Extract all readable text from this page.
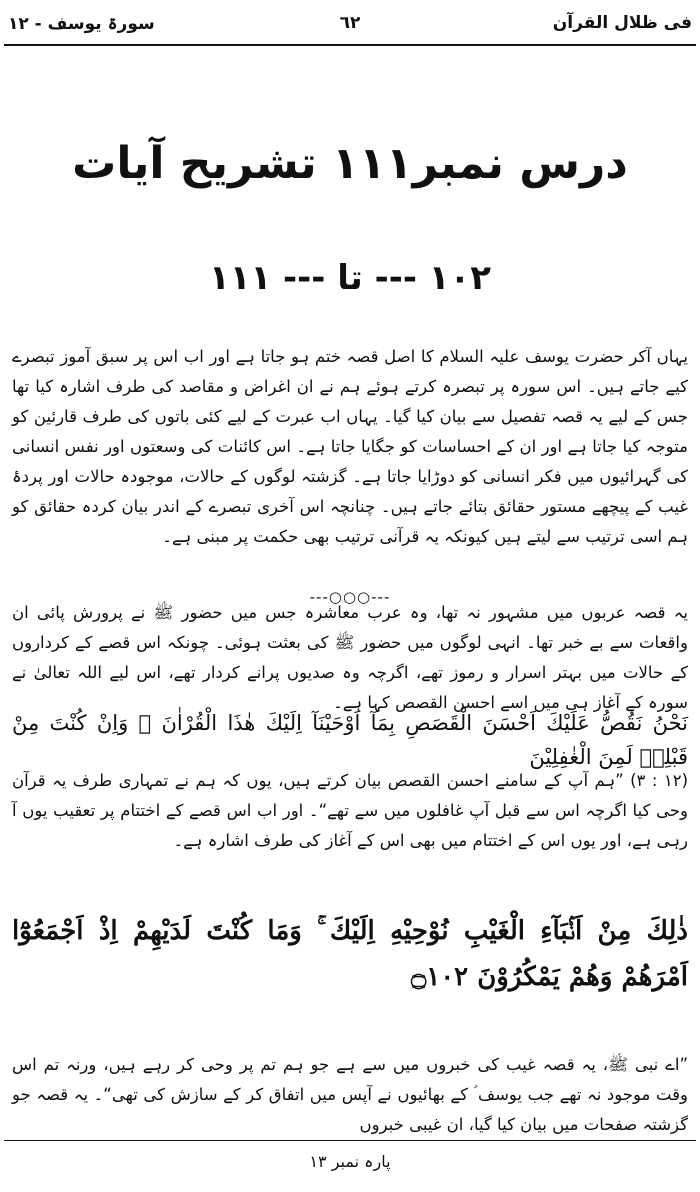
فی ظلال القرآن
٦٢
سورۃ یوسف - ١٢
درس نمبر١١١ تشریح آیات
١٠٢ --- تا --- ١١١

یہاں آکر حضرت یوسف علیہ السلام کا اصل قصہ ختم ہو جاتا ہے اور اب اس پر سبق آموز تبصرے کیے جاتے ہیں۔ اس سورہ پر تبصرہ کرتے ہوئے ہم نے ان اغراض و مقاصد کی طرف اشارہ کیا تھا جس کے لیے یہ قصہ تفصیل سے بیان کیا گیا۔ یہاں اب عبرت کے لیے کئی باتوں کی طرف قارئین کو متوجہ کیا جاتا ہے اور ان کے احساسات کو جگایا جاتا ہے۔ اس کائنات کی وسعتوں اور نفس انسانی کی گہرائیوں میں فکر انسانی کو دوڑایا جاتا ہے۔ گزشتہ لوگوں کے حالات، موجودہ حالات اور پردۂ غیب کے پیچھے مستور حقائق بتائے جاتے ہیں۔ چنانچہ اس آخری تبصرے کے اندر بیان کردہ حقائق کو ہم اسی ترتیب سے لیتے ہیں کیونکہ یہ قرآنی ترتیب بھی حکمت پر مبنی ہے۔

---○○○---

یہ قصہ عربوں میں مشہور نہ تھا، وہ عرب معاشرہ جس میں حضور ﷺ نے پرورش پائی ان واقعات سے بے خبر تھا۔ انہی لوگوں میں حضور ﷺ کی بعثت ہوئی۔ چونکہ اس قصے کے کرداروں کے حالات میں بہتر اسرار و رموز تھے، اگرچہ وہ صدیوں پرانے کردار تھے، اس لیے اللہ تعالیٰ نے سورہ کے آغاز ہی میں اسے احسن القصص کہا ہے۔

نَحْنُ نَقُصُّ عَلَيْكَ اَحْسَنَ الْقَصَصِ بِمَآ اَوْحَيْنَآ اِلَيْكَ هٰذَا الْقُرْاٰنَ ۖ وَاِنْ كُنْتَ مِنْ قَبْلِهٖ لَمِنَ الْغٰفِلِيْنَ

(١٢ : ٣) ”ہم آپ کے سامنے احسن القصص بیان کرتے ہیں، یوں کہ ہم نے تمہاری طرف یہ قرآن وحی کیا اگرچہ اس سے قبل آپ غافلوں میں سے تھے“۔ اور اب اس قصے کے اختتام پر تعقیب یوں آ رہی ہے، اور یوں اس کے اختتام میں بھی اس کے آغاز کی طرف اشارہ ہے۔

ذٰلِكَ مِنْ اَنْۢبَآءِ الْغَيْبِ نُوْحِيْهِ اِلَيْكَ ۚ وَمَا كُنْتَ لَدَيْهِمْ اِذْ اَجْمَعُوْٓا اَمْرَهُمْ وَهُمْ يَمْكُرُوْنَ ۝١٠٢

”اے نبی ﷺ، یہ قصہ غیب کی خبروں میں سے ہے جو ہم تم پر وحی کر رہے ہیں، ورنہ تم اس وقت موجود نہ تھے جب یوسف ؑ کے بھائیوں نے آپس میں اتفاق کر کے سازش کی تھی“۔ یہ قصہ جو گزشتہ صفحات میں بیان کیا گیا، ان غیبی خبروں

پارہ نمبر ١٣
